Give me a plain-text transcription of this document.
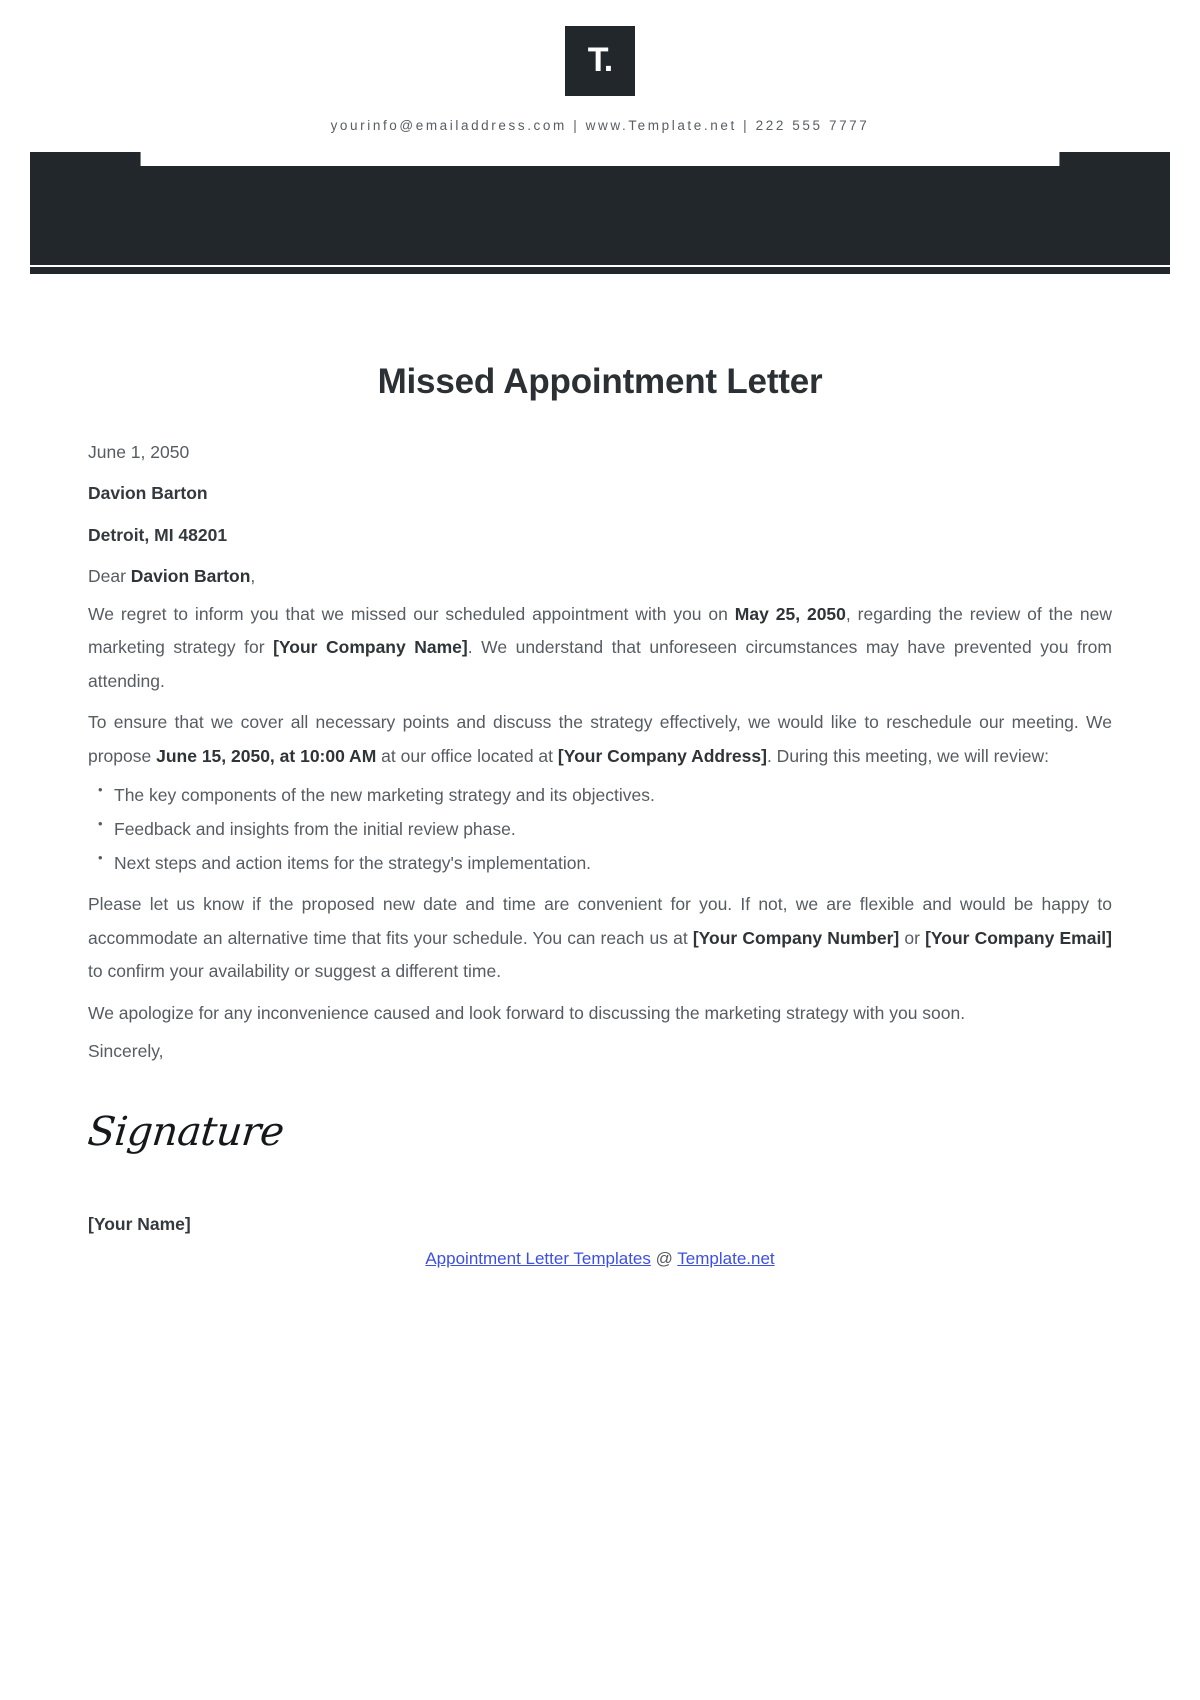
T.
yourinfo@emailaddress.com | www.Template.net | 222 555 7777
Missed Appointment Letter
June 1, 2050
Davion Barton
Detroit, MI 48201
Dear Davion Barton,

We regret to inform you that we missed our scheduled appointment with you on May 25, 2050, regarding the review of the new marketing strategy for [Your Company Name]. We understand that unforeseen circumstances may have prevented you from attending.

To ensure that we cover all necessary points and discuss the strategy effectively, we would like to reschedule our meeting. We propose June 15, 2050, at 10:00 AM at our office located at [Your Company Address]. During this meeting, we will review:

• The key components of the new marketing strategy and its objectives.
• Feedback and insights from the initial review phase.
• Next steps and action items for the strategy's implementation.

Please let us know if the proposed new date and time are convenient for you. If not, we are flexible and would be happy to accommodate an alternative time that fits your schedule. You can reach us at [Your Company Number] or [Your Company Email] to confirm your availability or suggest a different time.

We apologize for any inconvenience caused and look forward to discussing the marketing strategy with you soon.

Sincerely,
Signature
[Your Name]
Appointment Letter Templates @ Template.net
